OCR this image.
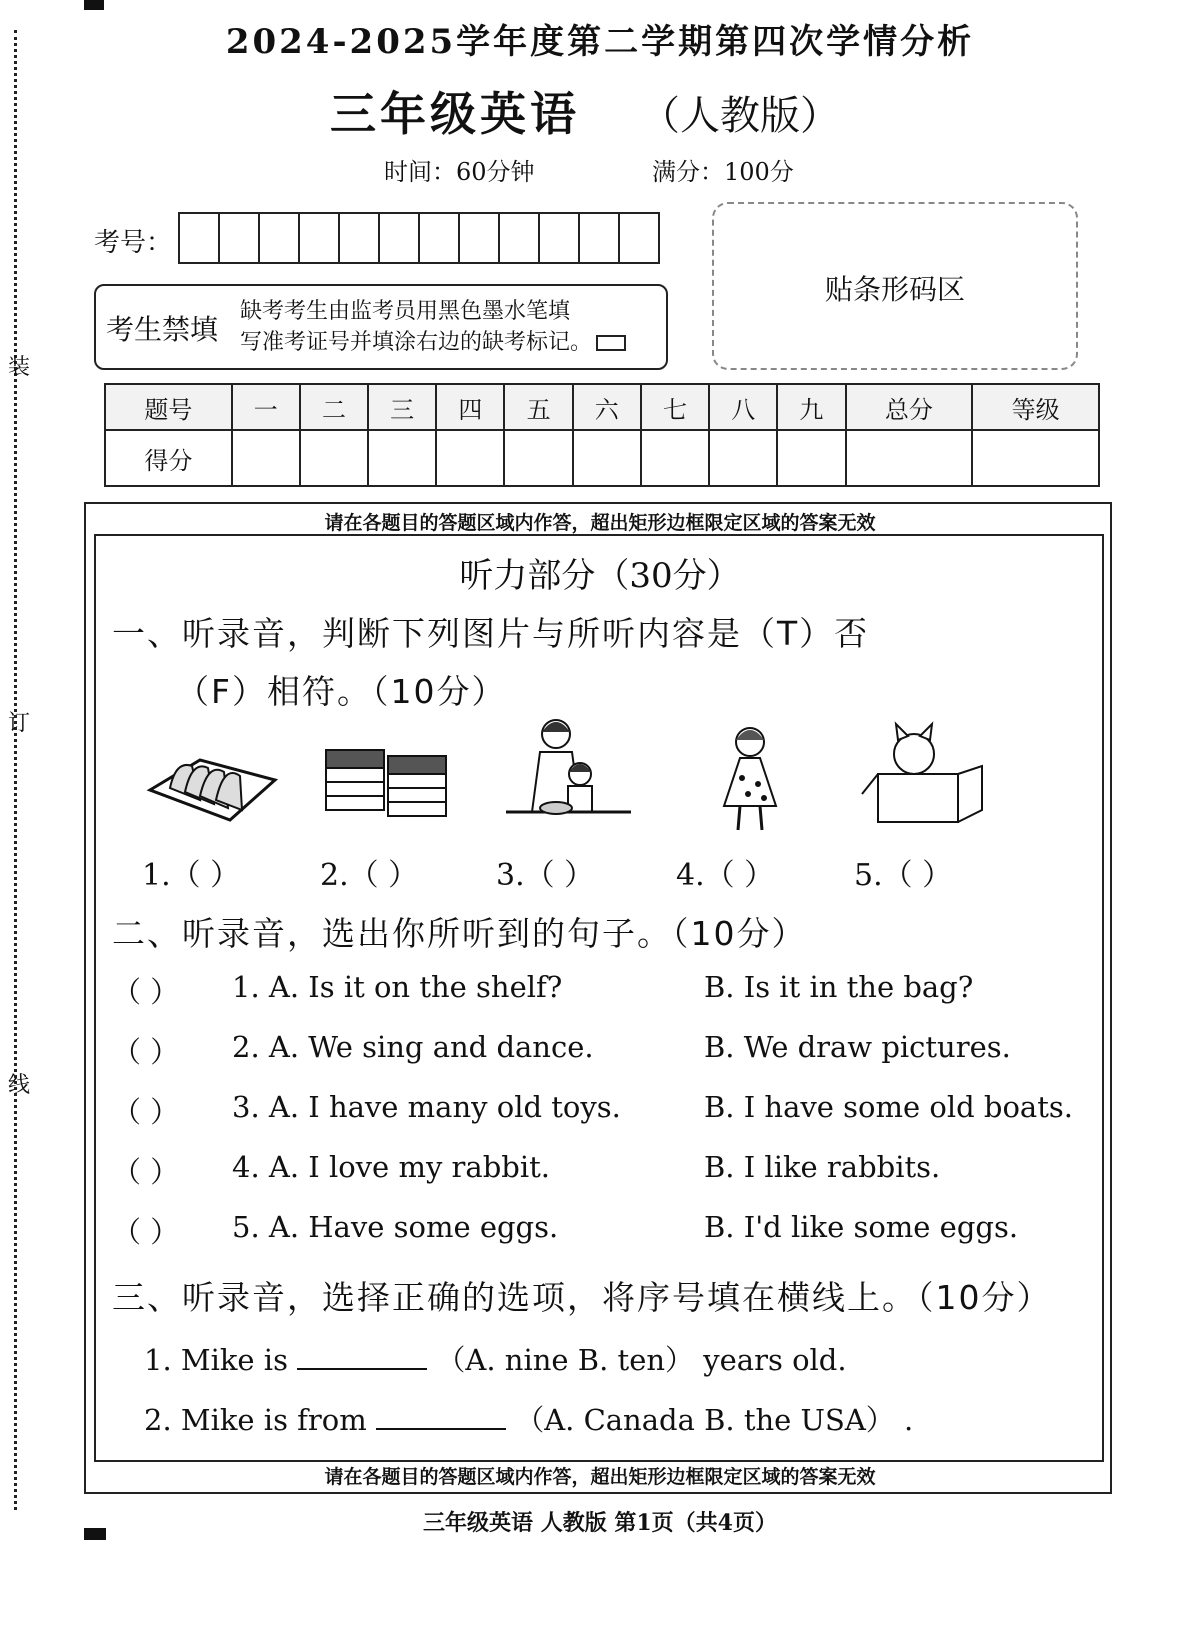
装
订
线
2024-2025学年度第二学期第四次学情分析
三年级英语 （人教版）
时间：60分钟	满分：100分
考号：
考生禁填
缺考考生由监考员用黑色墨水笔填
写准考证号并填涂右边的缺考标记。
贴条形码区
题号	一	二	三	四	五	六	七	八	九	总分	等级
得分											
请在各题目的答题区域内作答，超出矩形边框限定区域的答案无效
请在各题目的答题区域内作答，超出矩形边框限定区域的答案无效
听力部分（30分）
一、听录音，判断下列图片与所听内容是（T）否
（F）相符。（10分）
1.（ ）	2.（ ）	3.（ ）	4.（ ）	5.（ ）
二、听录音，选出你所听到的句子。（10分）
（ ） 1. A. Is it on the shelf?	B. Is it in the bag?
（ ） 2. A. We sing and dance.	B. We draw pictures.
（ ） 3. A. I have many old toys.	B. I have some old boats.
（ ） 4. A. I love my rabbit.	B. I like rabbits.
（ ） 5. A. Have some eggs.	B. I'd like some eggs.
三、听录音，选择正确的选项，将序号填在横线上。（10分）
1. Mike is	（A. nine B. ten） years old.
2. Mike is from	（A. Canada B. the USA） .
三年级英语 人教版 第1页（共4页）
